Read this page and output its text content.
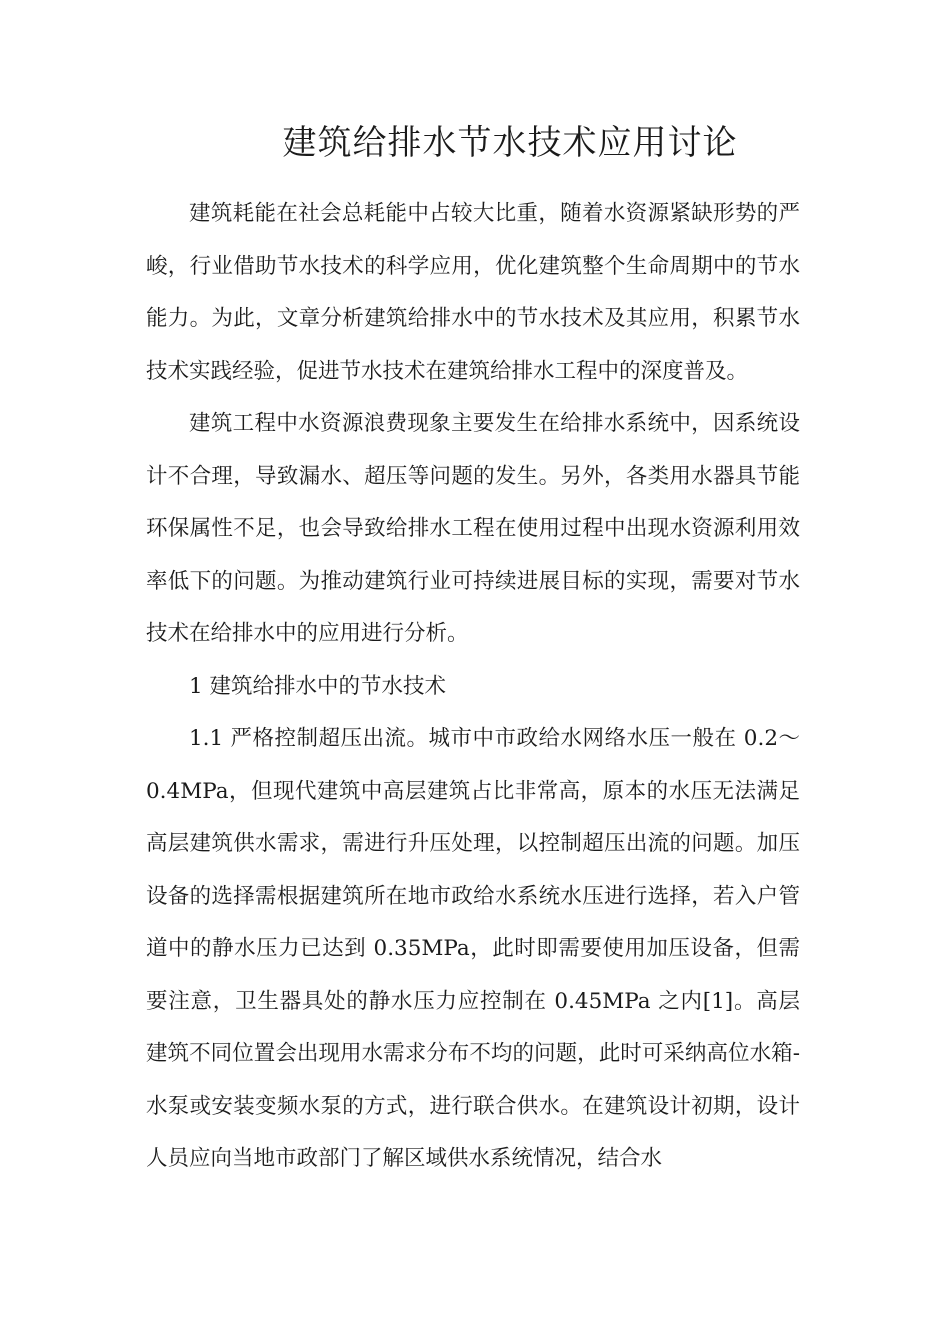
建筑给排水节水技术应用讨论

建筑耗能在社会总耗能中占较大比重，随着水资源紧缺形势的严峻，行业借助节水技术的科学应用，优化建筑整个生命周期中的节水能力。为此，文章分析建筑给排水中的节水技术及其应用，积累节水技术实践经验，促进节水技术在建筑给排水工程中的深度普及。

建筑工程中水资源浪费现象主要发生在给排水系统中，因系统设计不合理，导致漏水、超压等问题的发生。另外，各类用水器具节能环保属性不足，也会导致给排水工程在使用过程中出现水资源利用效率低下的问题。为推动建筑行业可持续进展目标的实现，需要对节水技术在给排水中的应用进行分析。

1 建筑给排水中的节水技术

1.1 严格控制超压出流。城市中市政给水网络水压一般在 0.2～0.4MPa，但现代建筑中高层建筑占比非常高，原本的水压无法满足高层建筑供水需求，需进行升压处理，以控制超压出流的问题。加压设备的选择需根据建筑所在地市政给水系统水压进行选择，若入户管道中的静水压力已达到 0.35MPa，此时即需要使用加压设备，但需要注意，卫生器具处的静水压力应控制在 0.45MPa 之内[1]。高层建筑不同位置会出现用水需求分布不均的问题，此时可采纳高位水箱-水泵或安装变频水泵的方式，进行联合供水。在建筑设计初期，设计人员应向当地市政部门了解区域供水系统情况，结合水
